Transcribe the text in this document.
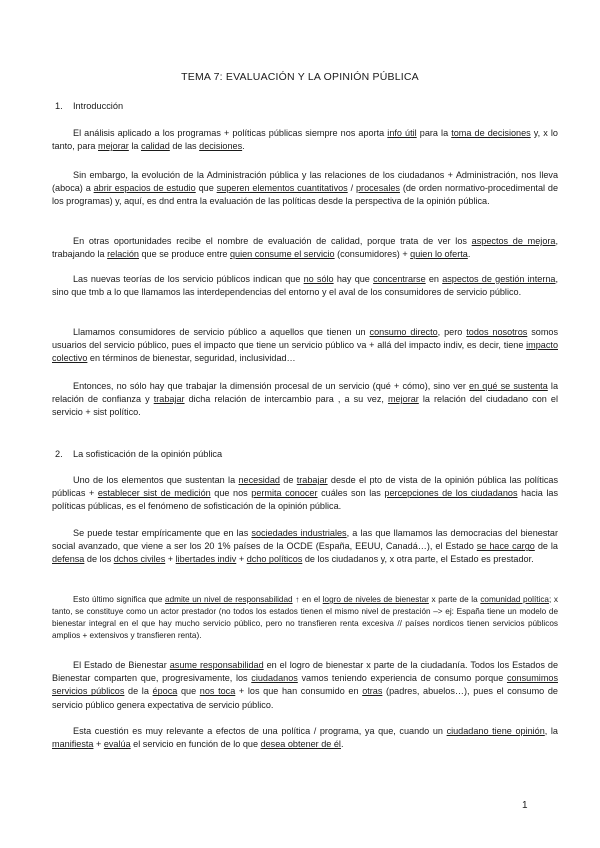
TEMA 7: EVALUACIÓN Y LA OPINIÓN PÚBLICA
1. Introducción

El análisis aplicado a los programas + políticas públicas siempre nos aporta info útil para la toma de decisiones y, x lo tanto, para mejorar la calidad de las decisiones.

Sin embargo, la evolución de la Administración pública y las relaciones de los ciudadanos + Administración, nos lleva (aboca) a abrir espacios de estudio que superen elementos cuantitativos / procesales (de orden normativo-procedimental de los programas) y, aquí, es dnd entra la evaluación de las políticas desde la perspectiva de la opinión pública.

En otras oportunidades recibe el nombre de evaluación de calidad, porque trata de ver los aspectos de mejora, trabajando la relación que se produce entre quien consume el servicio (consumidores) + quien lo oferta.

Las nuevas teorías de los servicio públicos indican que no sólo hay que concentrarse en aspectos de gestión interna, sino que tmb a lo que llamamos las interdependencias del entorno y el aval de los consumidores de servicio público.

Llamamos consumidores de servicio público a aquellos que tienen un consumo directo, pero todos nosotros somos usuarios del servicio público, pues el impacto que tiene un servicio público va + allá del impacto indiv, es decir, tiene impacto colectivo en términos de bienestar, seguridad, inclusividad…

Entonces, no sólo hay que trabajar la dimensión procesal de un servicio (qué + cómo), sino ver en qué se sustenta la relación de confianza y trabajar dicha relación de intercambio para , a su vez, mejorar la relación del ciudadano con el servicio + sist político.

2. La sofisticación de la opinión pública

Uno de los elementos que sustentan la necesidad de trabajar desde el pto de vista de la opinión pública las políticas públicas + establecer sist de medición que nos permita conocer cuáles son las percepciones de los ciudadanos hacia las políticas públicas, es el fenómeno de sofisticación de la opinión pública.

Se puede testar empíricamente que en las sociedades industriales, a las que llamamos las democracias del bienestar social avanzado, que viene a ser los 20 1% países de la OCDE (España, EEUU, Canadá…), el Estado se hace cargo de la defensa de los dchos civiles + libertades indiv + dcho políticos de los ciudadanos y, x otra parte, el Estado es prestador.

Esto último significa que admite un nivel de responsabilidad ↑ en el logro de niveles de bienestar x parte de la comunidad política; x tanto, se constituye como un actor prestador (no todos los estados tienen el mismo nivel de prestación –> ej: España tiene un modelo de bienestar integral en el que hay mucho servicio público, pero no transfieren renta excesiva // países nordicos tienen servicios públicos amplios + extensivos y transfieren renta).

El Estado de Bienestar asume responsabilidad en el logro de bienestar x parte de la ciudadanía. Todos los Estados de Bienestar comparten que, progresivamente, los ciudadanos vamos teniendo experiencia de consumo porque consumimos servicios públicos de la época que nos toca + los que han consumido en otras (padres, abuelos…), pues el consumo de servicio público genera expectativa de servicio público.

Esta cuestión es muy relevante a efectos de una política / programa, ya que, cuando un ciudadano tiene opinión, la manifiesta + evalúa el servicio en función de lo que desea obtener de él.

1
